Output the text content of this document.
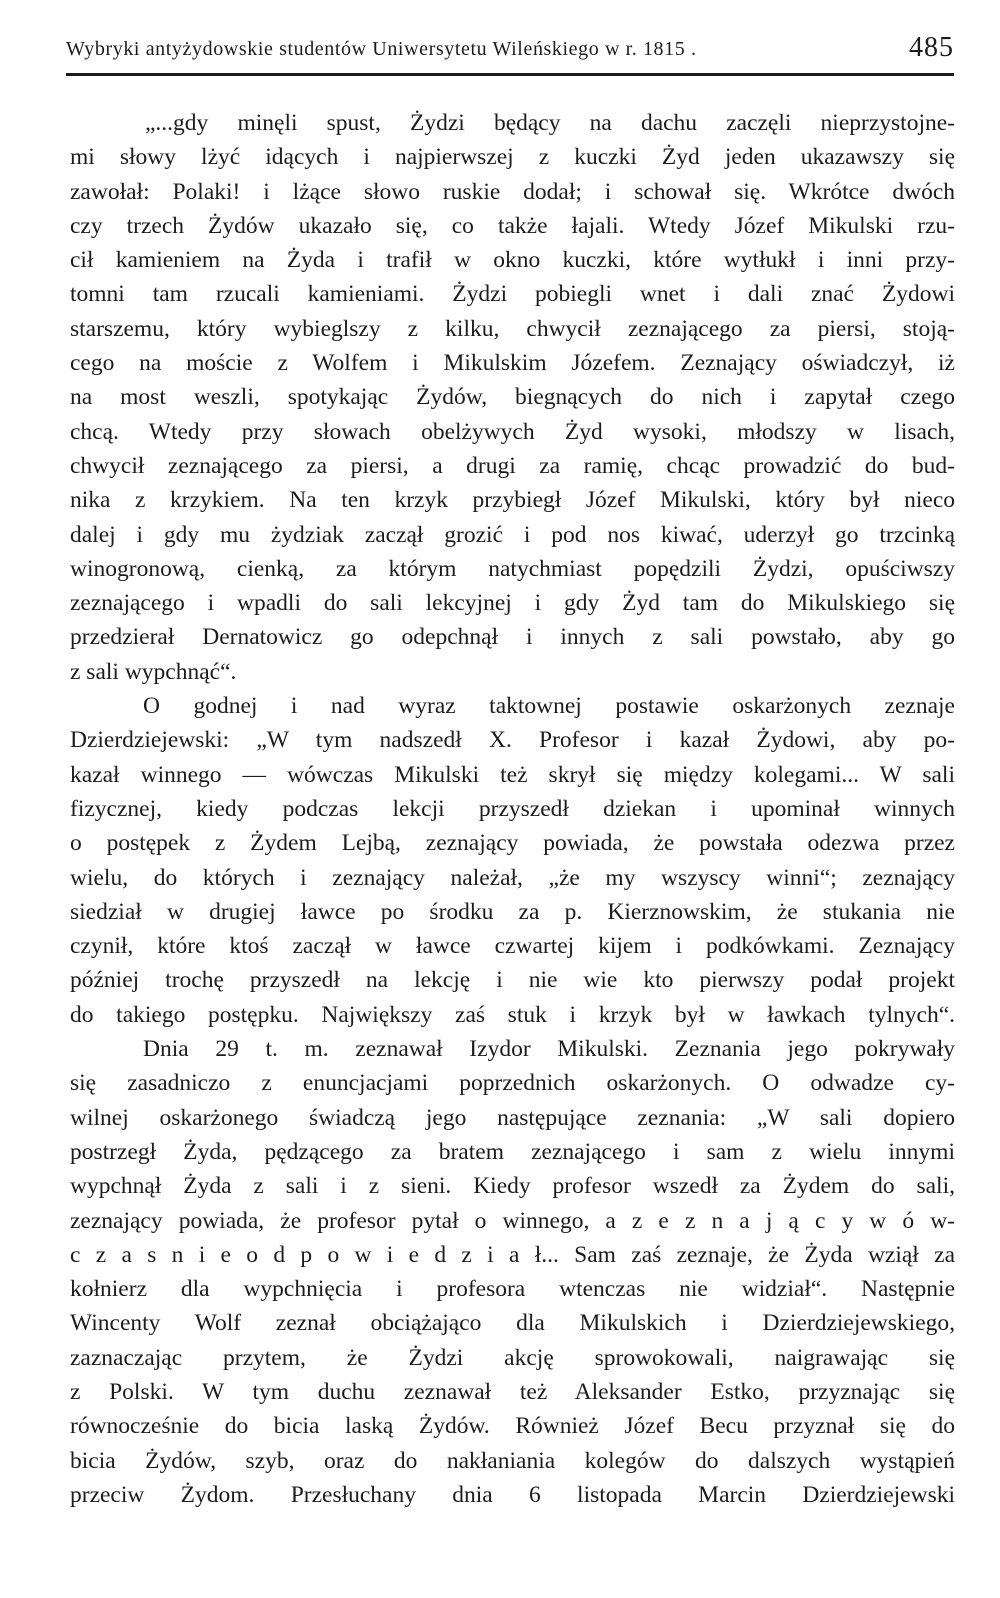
Wybryki antyżydowskie studentów Uniwersytetu Wileńskiego w r. 1815 .	485
„...gdy minęli spust, Żydzi będący na dachu zaczęli nieprzystojne-
mi słowy lżyć idących i najpierwszej z kuczki Żyd jeden ukazawszy się
zawołał: Polaki! i lżące słowo ruskie dodał; i schował się. Wkrótce dwóch
czy trzech Żydów ukazało się, co także łajali. Wtedy Józef Mikulski rzu-
cił kamieniem na Żyda i trafił w okno kuczki, które wytłukł i inni przy-
tomni tam rzucali kamieniami. Żydzi pobiegli wnet i dali znać Żydowi
starszemu, który wybieglszy z kilku, chwycił zeznającego za piersi, stoją-
cego na moście z Wolfem i Mikulskim Józefem. Zeznający oświadczył, iż
na most weszli, spotykając Żydów, biegnących do nich i zapytał czego
chcą. Wtedy przy słowach obelżywych Żyd wysoki, młodszy w lisach,
chwycił zeznającego za piersi, a drugi za ramię, chcąc prowadzić do bud-
nika z krzykiem. Na ten krzyk przybiegł Józef Mikulski, który był nieco
dalej i gdy mu żydziak zaczął grozić i pod nos kiwać, uderzył go trzcinką
winogronową, cienką, za którym natychmiast popędzili Żydzi, opuściwszy
zeznającego i wpadli do sali lekcyjnej i gdy Żyd tam do Mikulskiego się
przedzierał Dernatowicz go odepchnął i innych z sali powstało, aby go
z sali wypchnąć“.
O godnej i nad wyraz taktownej postawie oskarżonych zeznaje
Dzierdziejewski: „W tym nadszedł X. Profesor i kazał Żydowi, aby po-
kazał winnego — wówczas Mikulski też skrył się między kolegami... W sali
fizycznej, kiedy podczas lekcji przyszedł dziekan i upominał winnych
o postępek z Żydem Lejbą, zeznający powiada, że powstała odezwa przez
wielu, do których i zeznający należał, „że my wszyscy winni“; zeznający
siedział w drugiej ławce po środku za p. Kierznowskim, że stukania nie
czynił, które ktoś zaczął w ławce czwartej kijem i podkówkami. Zeznający
później trochę przyszedł na lekcję i nie wie kto pierwszy podał projekt
do takiego postępku. Największy zaś stuk i krzyk był w ławkach tylnych“.
Dnia 29 t. m. zeznawał Izydor Mikulski. Zeznania jego pokrywały
się zasadniczo z enuncjacjami poprzednich oskarżonych. O odwadze cy-
wilnej oskarżonego świadczą jego następujące zeznania: „W sali dopiero
postrzegł Żyda, pędzącego za bratem zeznającego i sam z wielu innymi
wypchnął Żyda z sali i z sieni. Kiedy profesor wszedł za Żydem do sali,
zeznający powiada, że profesor pytał o winnego, a z e z n a j ą c y w ó w-
c z a s n i e o d p o w i e d z i a ł... Sam zaś zeznaje, że Żyda wziął za
kołnierz dla wypchnięcia i profesora wtenczas nie widział“. Następnie
Wincenty Wolf zeznał obciążająco dla Mikulskich i Dzierdziejewskiego,
zaznaczając przytem, że Żydzi akcję sprowokowali, naigrawając się
z Polski. W tym duchu zeznawał też Aleksander Estko, przyznając się
równocześnie do bicia laską Żydów. Również Józef Becu przyznał się do
bicia Żydów, szyb, oraz do nakłaniania kolegów do dalszych wystąpień
przeciw Żydom. Przesłuchany dnia 6 listopada Marcin Dzierdziejewski
